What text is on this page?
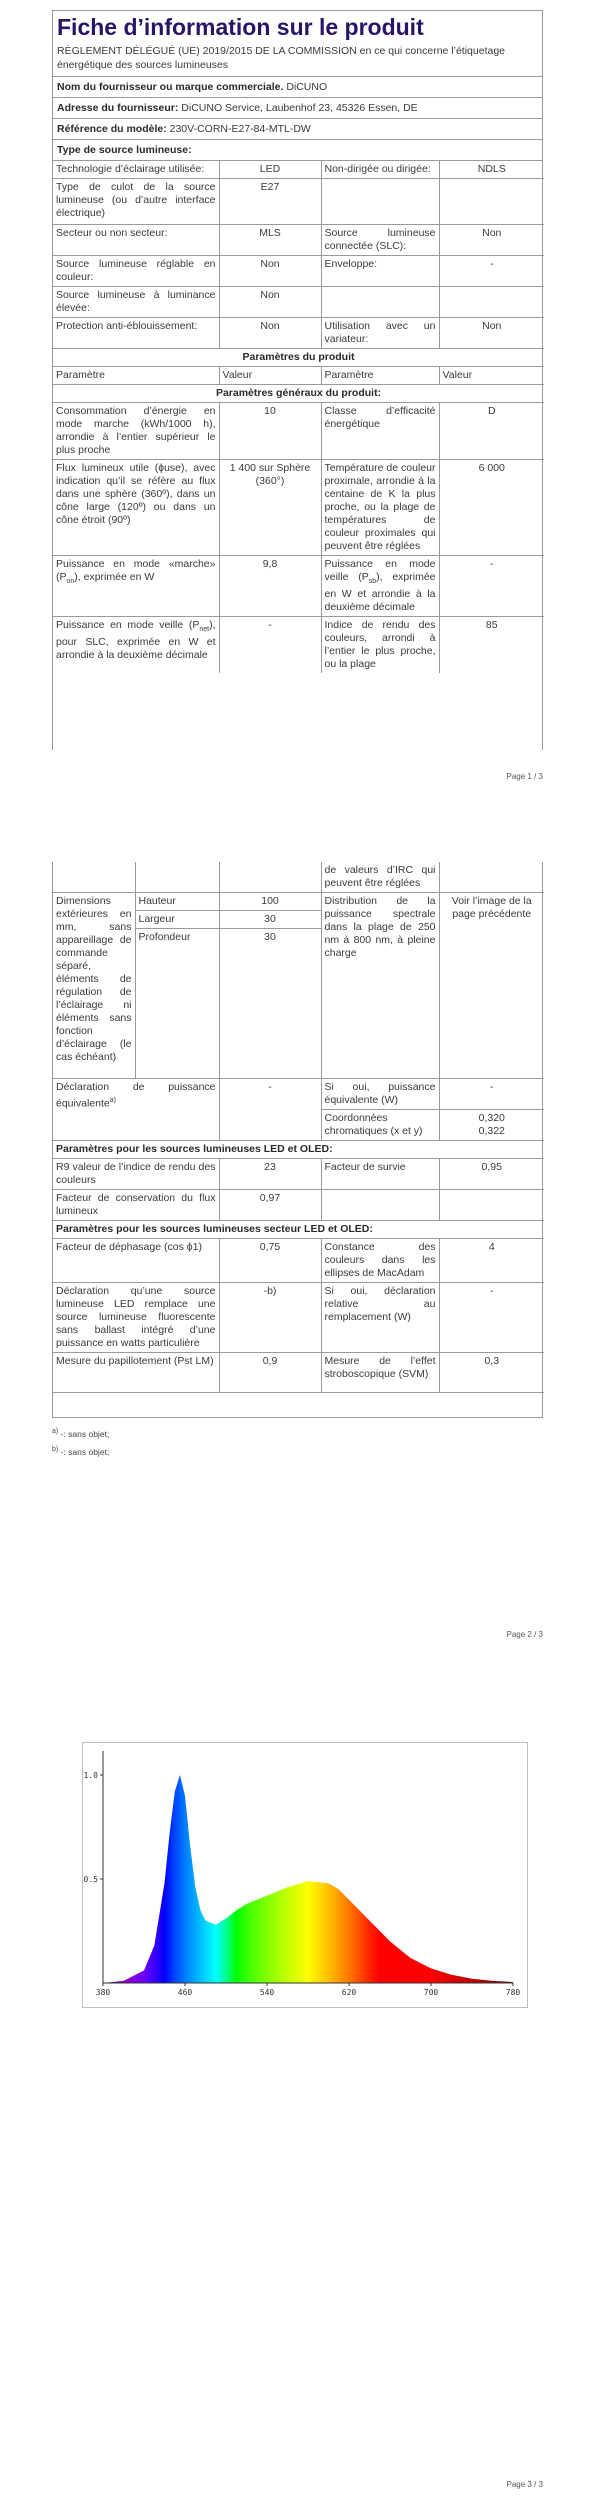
Fiche d’information sur le produit
RÈGLEMENT DÉLÉGUÉ (UE) 2019/2015 DE LA COMMISSION en ce qui concerne l’étiquetage énergétique des sources lumineuses
Nom du fournisseur ou marque commerciale. DiCUNO
Adresse du fournisseur: DiCUNO Service, Laubenhof 23, 45326 Essen, DE
Référence du modèle: 230V-CORN-E27-84-MTL-DW
Type de source lumineuse:
Technologie d’éclairage utilisée:	LED	Non-dirigée ou dirigée:	NDLS
Type de culot de la source lumineuse (ou d’autre interface électrique)	E27		
Secteur ou non secteur:	MLS	Source lumineuse connectée (SLC):	Non
Source lumineuse réglable en couleur:	Non	Enveloppe:	-
Source lumineuse à luminance élevée:	Non		
Protection anti-éblouissement:	Non	Utilisation avec un variateur:	Non
Paramètres du produit			
Paramètre	Valeur	Paramètre	Valeur
Paramètres généraux du produit:			
Consommation d’énergie en mode marche (kWh/1000 h), arrondie à l’entier supérieur le plus proche	10	Classe d’efficacité énergétique	D
Flux lumineux utile (ɸuse), avec indication qu’il se réfère au flux dans une sphère (360º), dans un cône large (120º) ou dans un cône étroit (90º)	1 400 sur Sphère (360°)	Température de couleur proximale, arrondie à la centaine de K la plus proche, ou la plage de températures de couleur proximales qui peuvent être réglées	6 000
Puissance en mode «marche» $(P_{on})$, exprimée en W	9,8	Puissance en mode veille $(P_{sb})$, exprimée en W et arrondie à la deuxième décimale	-
Puissance en mode veille $(P_{net})$, pour SLC, exprimée en W et arrondie à la deuxième décimale	-	Indice de rendu des couleurs, arrondi à l’entier le plus proche, ou la plage	85
Page 1 / 3
			de valeurs d’IRC qui peuvent être réglées	
Dimensions extérieures en mm, sans appareillage de commande séparé, éléments de régulation de l’éclairage ni éléments sans fonction d’éclairage (le cas échéant)	Hauteur	100	Distribution de la puissance spectrale dans la plage de 250 nm à 800 nm, à pleine charge	Voir l’image de la page précédente
	Largeur	30		
	Profondeur	30		
Déclaration de puissance équivalente$^{a)}$		-	Si oui, puissance équivalente (W)	-
			Coordonnées chromatiques (x et y)	0,320
0,322

Paramètres pour les sources lumineuses LED et OLED:				
R9 valeur de l’indice de rendu des couleurs		23	Facteur de survie	0,95
Facteur de conservation du flux lumineux		0,97		
Paramètres pour les sources lumineuses secteur LED et OLED:				
Facteur de déphasage (cos ϕ1)		0,75	Constance des couleurs dans les ellipses de MacAdam	4
Déclaration qu’une source lumineuse LED remplace une source lumineuse fluorescente sans ballast intégré d’une puissance en watts particulière		-b)	Si oui, déclaration relative au remplacement (W)	-
Mesure du papillotement (Pst LM)		0,9	Mesure de l’effet stroboscopique (SVM)	0,3
$^{a)}$ -: sans objet;
$^{b)}$ -: sans objet;
Page 2 / 3
380	460	540	620	700	780
0.5
1.0
Page 3 / 3
